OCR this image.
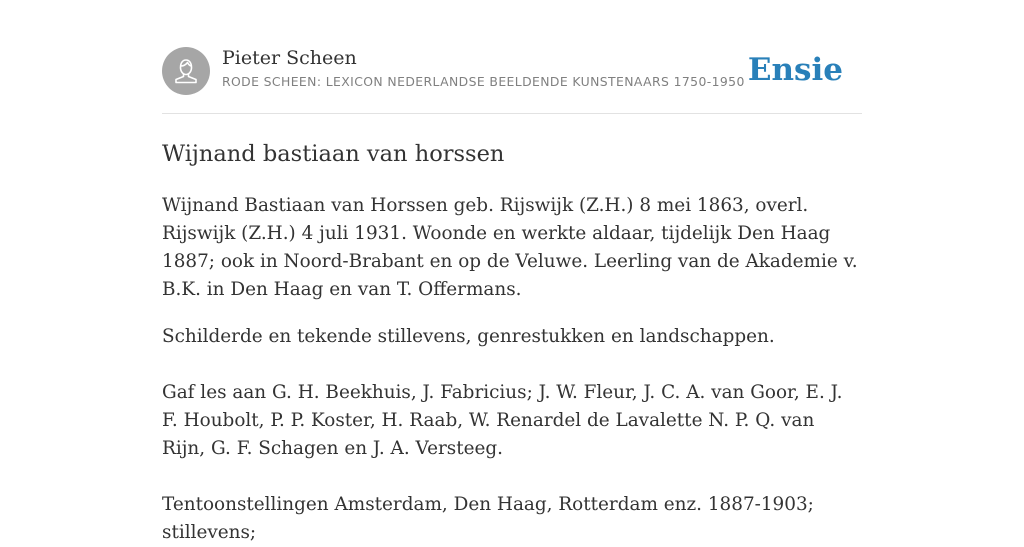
Pieter Scheen
RODE SCHEEN: LEXICON NEDERLANDSE BEELDENDE KUNSTENAARS 1750-1950 Ensie
Wijnand bastiaan van horssen

Wijnand Bastiaan van Horssen geb. Rijswijk (Z.H.) 8 mei 1863, overl. Rijswijk (Z.H.) 4 juli 1931. Woonde en werkte aldaar, tijdelijk Den Haag 1887; ook in Noord-Brabant en op de Veluwe. Leerling van de Akademie v. B.K. in Den Haag en van T. Offermans.

Schilderde en tekende stillevens, genrestukken en landschappen.

Gaf les aan G. H. Beekhuis, J. Fabricius; J. W. Fleur, J. C. A. van Goor, E. J. F. Houbolt, P. P. Koster, H. Raab, W. Renardel de Lavalette N. P. Q. van Rijn, G. F. Schagen en J. A. Versteeg.

Tentoonstellingen Amsterdam, Den Haag, Rotterdam enz. 1887-1903; stillevens;
